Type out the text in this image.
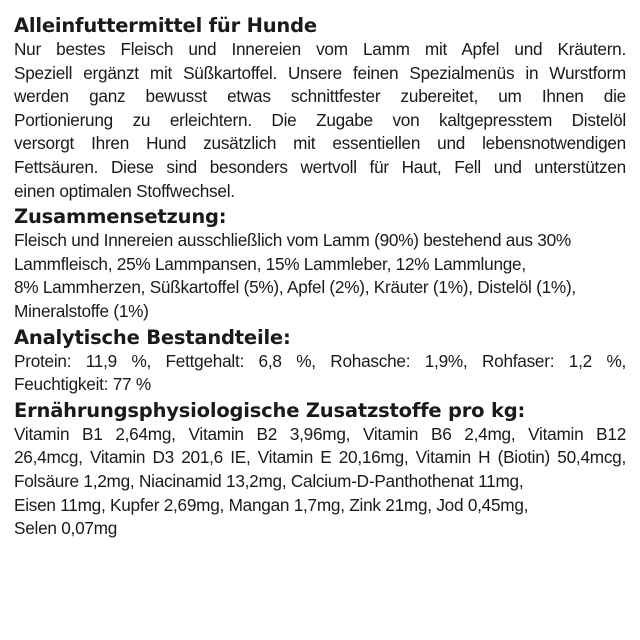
Alleinfuttermittel für Hunde
Nur bestes Fleisch und Innereien vom Lamm mit Apfel und Kräutern.
Speziell ergänzt mit Süßkartoffel. Unsere feinen Spezialmenüs in Wurstform
werden ganz bewusst etwas schnittfester zubereitet, um Ihnen die
Portionierung zu erleichtern. Die Zugabe von kaltgepresstem Distelöl
versorgt Ihren Hund zusätzlich mit essentiellen und lebensnotwendigen
Fettsäuren. Diese sind besonders wertvoll für Haut, Fell und unterstützen
einen optimalen Stoffwechsel.
Zusammensetzung:
Fleisch und Innereien ausschließlich vom Lamm (90%) bestehend aus 30%
Lammfleisch, 25% Lammpansen, 15% Lammleber, 12% Lammlunge,
8% Lammherzen, Süßkartoffel (5%), Apfel (2%), Kräuter (1%), Distelöl (1%),
Mineralstoffe (1%)
Analytische Bestandteile:
Protein: 11,9 %, Fettgehalt: 6,8 %, Rohasche: 1,9%, Rohfaser: 1,2 %,
Feuchtigkeit: 77 %
Ernährungsphysiologische Zusatzstoffe pro kg:
Vitamin B1 2,64mg, Vitamin B2 3,96mg, Vitamin B6 2,4mg, Vitamin B12
26,4mcg, Vitamin D3 201,6 IE, Vitamin E 20,16mg, Vitamin H (Biotin) 50,4mcg,
Folsäure 1,2mg, Niacinamid 13,2mg, Calcium-D-Panthothenat 11mg,
Eisen 11mg, Kupfer 2,69mg, Mangan 1,7mg, Zink 21mg, Jod 0,45mg,
Selen 0,07mg
